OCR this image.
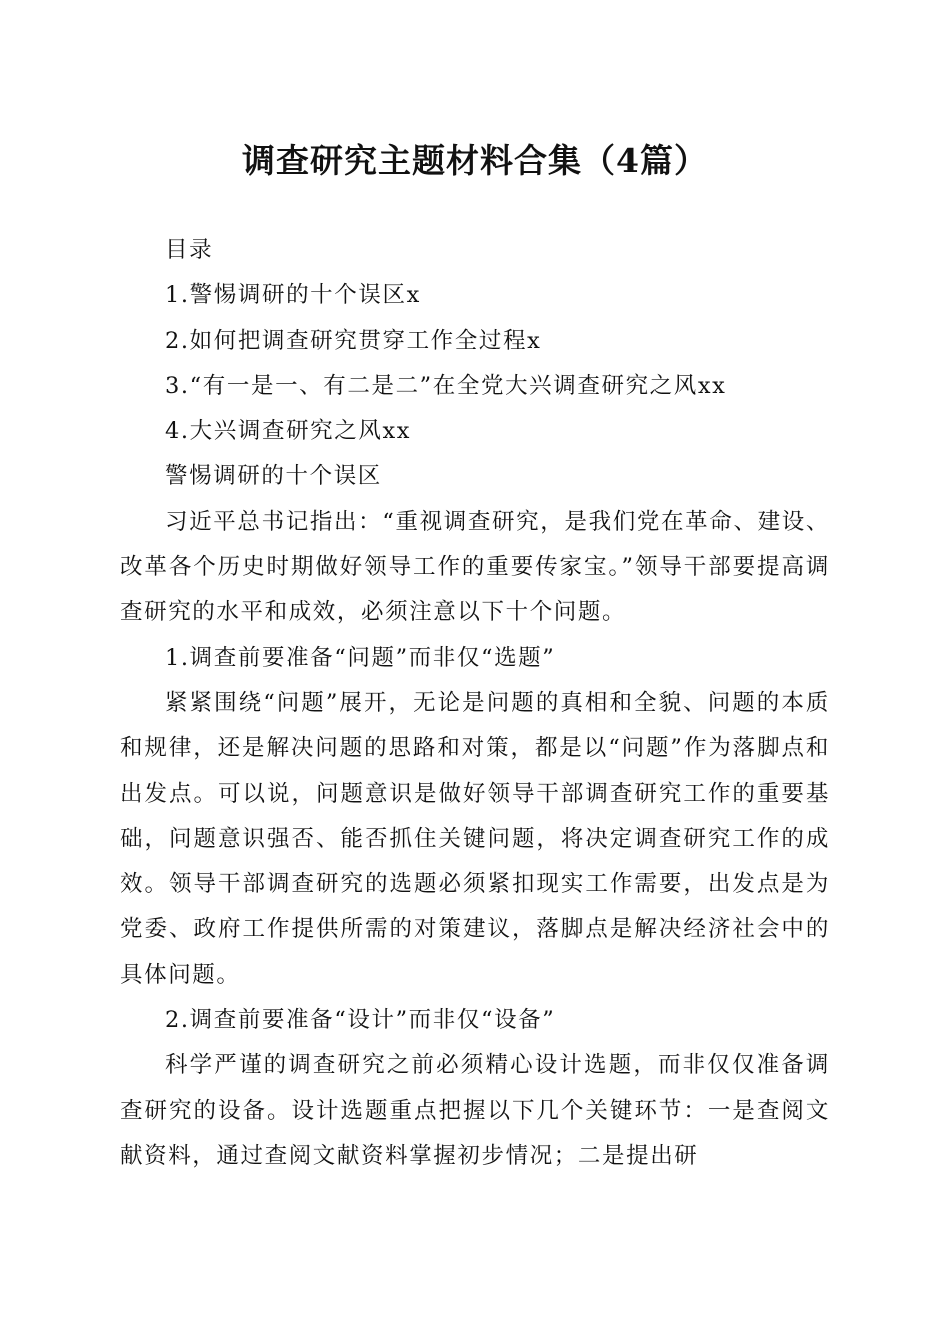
调查研究主题材料合集（4篇）

目录

1.警惕调研的十个误区x

2.如何把调查研究贯穿工作全过程x

3.“有一是一、有二是二”在全党大兴调查研究之风xx

4.大兴调查研究之风xx

警惕调研的十个误区

习近平总书记指出：“重视调查研究，是我们党在革命、建设、改革各个历史时期做好领导工作的重要传家宝。”领导干部要提高调查研究的水平和成效，必须注意以下十个问题。

1.调查前要准备“问题”而非仅“选题”

紧紧围绕“问题”展开，无论是问题的真相和全貌、问题的本质和规律，还是解决问题的思路和对策，都是以“问题”作为落脚点和出发点。可以说，问题意识是做好领导干部调查研究工作的重要基础，问题意识强否、能否抓住关键问题，将决定调查研究工作的成效。领导干部调查研究的选题必须紧扣现实工作需要，出发点是为党委、政府工作提供所需的对策建议，落脚点是解决经济社会中的具体问题。

2.调查前要准备“设计”而非仅“设备”

科学严谨的调查研究之前必须精心设计选题，而非仅仅准备调查研究的设备。设计选题重点把握以下几个关键环节：一是查阅文献资料，通过查阅文献资料掌握初步情况；二是提出研
